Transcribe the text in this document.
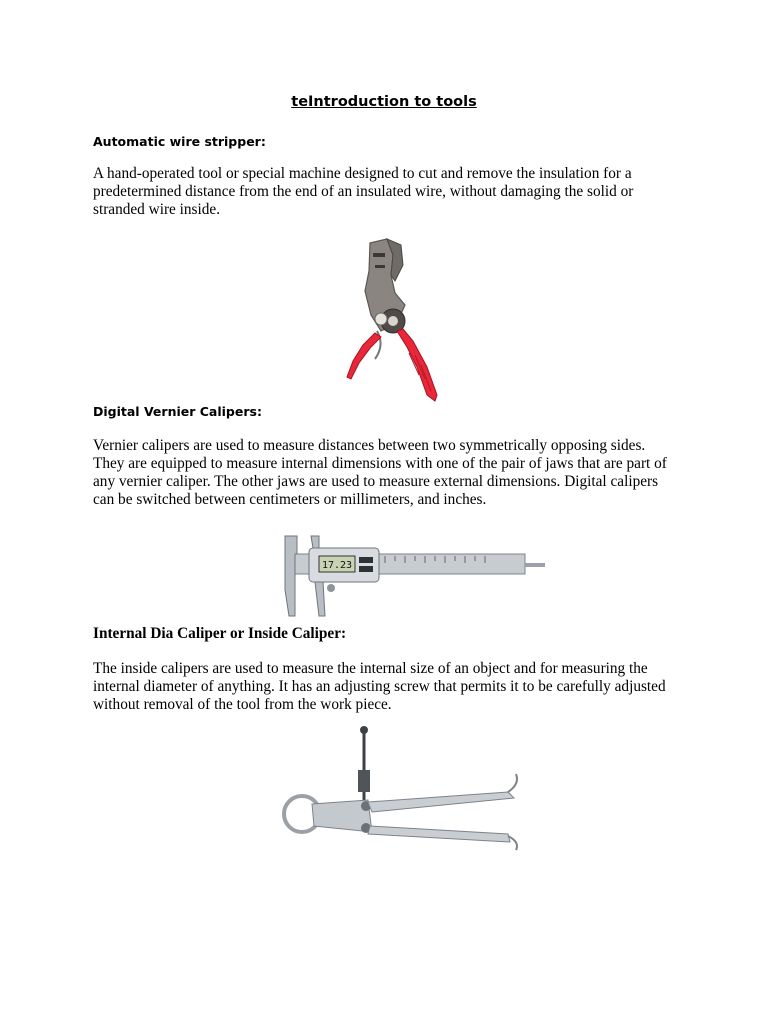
teIntroduction to tools
Automatic wire stripper:
A hand-operated tool or special machine designed to cut and remove the insulation for a
predetermined distance from the end of an insulated wire, without damaging the solid or
stranded wire inside.
Digital Vernier Calipers:
Vernier calipers are used to measure distances between two symmetrically opposing sides.
They are equipped to measure internal dimensions with one of the pair of jaws that are part of
any vernier caliper. The other jaws are used to measure external dimensions. Digital calipers
can be switched between centimeters or millimeters, and inches.
17.23
Internal Dia Caliper or Inside Caliper:
The inside calipers are used to measure the internal size of an object and for measuring the
internal diameter of anything. It has an adjusting screw that permits it to be carefully adjusted
without removal of the tool from the work piece.
